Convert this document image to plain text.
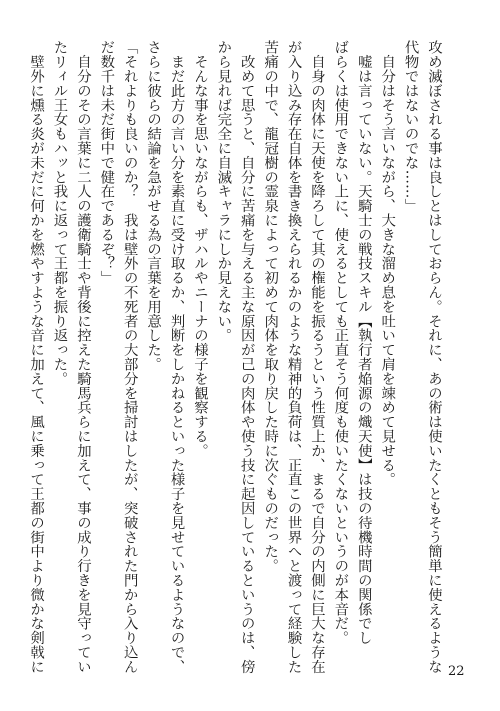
攻め滅ぼされる事は良しとはしておらん。それに、あの術は使いたくともそう簡単に使えるような

代物ではないのでな……」

　自分はそう言いながら、大きな溜め息を吐いて肩を竦めて見せる。

　嘘は言っていない。天騎士の戦技スキル【執行者焔源の熾天使】は技の待機時間の関係でし

ばらくは使用できない上に、使えるとしても正直そう何度も使いたくないというのが本音だ。

　自身の肉体に天使を降ろして其の権能を振るうという性質上か、まるで自分の内側に巨大な存在

が入り込み存在自体を書き換えられるかのような精神的負荷は、正直この世界へと渡って経験した

苦痛の中で、龍冠樹の霊泉によって初めて肉体を取り戻した時に次ぐものだった。

　改めて思うと、自分に苦痛を与える主な原因が己の肉体や使う技に起因しているというのは、傍

から見れば完全に自滅キャラにしか見えない。

　そんな事を思いながらも、ザハルやニーナの様子を観察する。

　まだ此方の言い分を素直に受け取るか、判断をしかねるといった様子を見せているようなので、

さらに彼らの結論を急がせる為の言葉を用意した。

「それよりも良いのか？　我は壁外の不死者の大部分を掃討はしたが、突破された門から入り込ん

だ数千は未だ街中で健在であるぞ？」

　自分のその言葉に二人の護衛騎士や背後に控えた騎馬兵らに加えて、事の成り行きを見守ってい

たリィル王女もハッと我に返って王都を振り返った。

　壁外に燻る炎が未だに何かを燃やすような音に加えて、風に乗って王都の街中より微かな剣戟に	22
